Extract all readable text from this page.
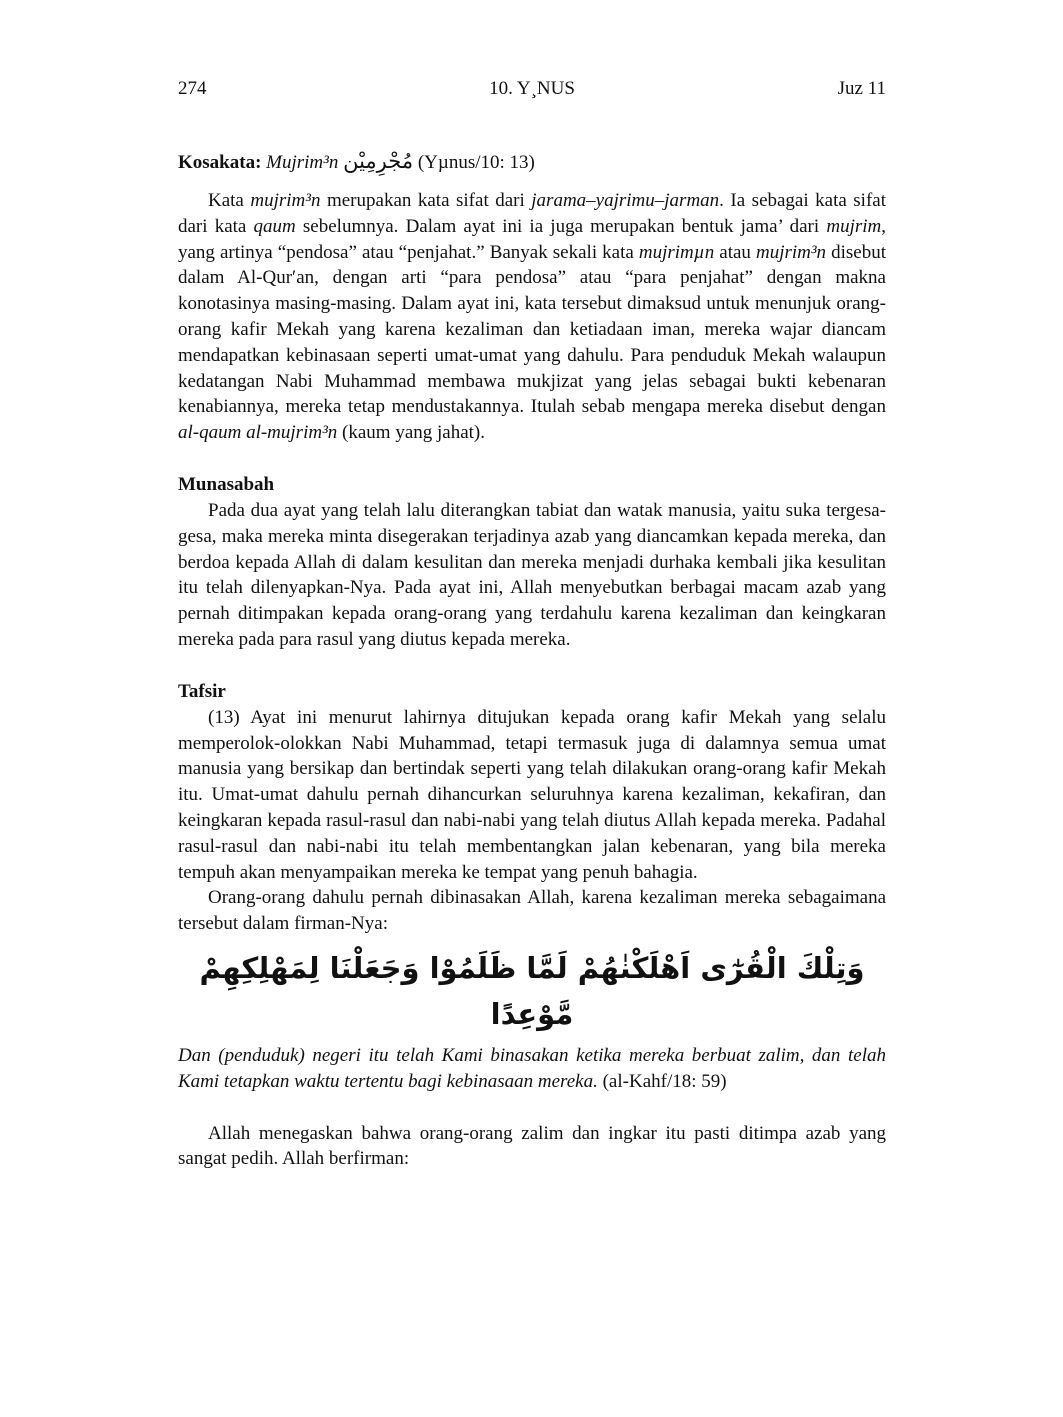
274	10. Y¸NUS	Juz 11

Kosakata: Mujrim³n مُجْرِمِيْن (Yµnus/10: 13)

Kata mujrim³n merupakan kata sifat dari jarama–yajrimu–jarman. Ia sebagai kata sifat dari kata qaum sebelumnya. Dalam ayat ini ia juga merupakan bentuk jama’ dari mujrim, yang artinya “pendosa” atau “penjahat.” Banyak sekali kata mujrimµn atau mujrim³n disebut dalam Al-Qur′an, dengan arti “para pendosa” atau “para penjahat” dengan makna konotasinya masing-masing. Dalam ayat ini, kata tersebut dimaksud untuk menunjuk orang-orang kafir Mekah yang karena kezaliman dan ketiadaan iman, mereka wajar diancam mendapatkan kebinasaan seperti umat-umat yang dahulu. Para penduduk Mekah walaupun kedatangan Nabi Muhammad membawa mukjizat yang jelas sebagai bukti kebenaran kenabiannya, mereka tetap mendustakannya. Itulah sebab mengapa mereka disebut dengan al-qaum al-mujrim³n (kaum yang jahat).

Munasabah

Pada dua ayat yang telah lalu diterangkan tabiat dan watak manusia, yaitu suka tergesa-gesa, maka mereka minta disegerakan terjadinya azab yang diancamkan kepada mereka, dan berdoa kepada Allah di dalam kesulitan dan mereka menjadi durhaka kembali jika kesulitan itu telah dilenyapkan-Nya. Pada ayat ini, Allah menyebutkan berbagai macam azab yang pernah ditimpakan kepada orang-orang yang terdahulu karena kezaliman dan keingkaran mereka pada para rasul yang diutus kepada mereka.

Tafsir

(13) Ayat ini menurut lahirnya ditujukan kepada orang kafir Mekah yang selalu memperolok-olokkan Nabi Muhammad, tetapi termasuk juga di dalamnya semua umat manusia yang bersikap dan bertindak seperti yang telah dilakukan orang-orang kafir Mekah itu. Umat-umat dahulu pernah dihancurkan seluruhnya karena kezaliman, kekafiran, dan keingkaran kepada rasul-rasul dan nabi-nabi yang telah diutus Allah kepada mereka. Padahal rasul-rasul dan nabi-nabi itu telah membentangkan jalan kebenaran, yang bila mereka tempuh akan menyampaikan mereka ke tempat yang penuh bahagia.

Orang-orang dahulu pernah dibinasakan Allah, karena kezaliman mereka sebagaimana tersebut dalam firman-Nya:

وَتِلْكَ الْقُرٰٓى اَهْلَكْنٰهُمْ لَمَّا ظَلَمُوْا وَجَعَلْنَا لِمَهْلِكِهِمْ مَّوْعِدًا

Dan (penduduk) negeri itu telah Kami binasakan ketika mereka berbuat zalim, dan telah Kami tetapkan waktu tertentu bagi kebinasaan mereka. (al-Kahf/18: 59)

Allah menegaskan bahwa orang-orang zalim dan ingkar itu pasti ditimpa azab yang sangat pedih. Allah berfirman:
